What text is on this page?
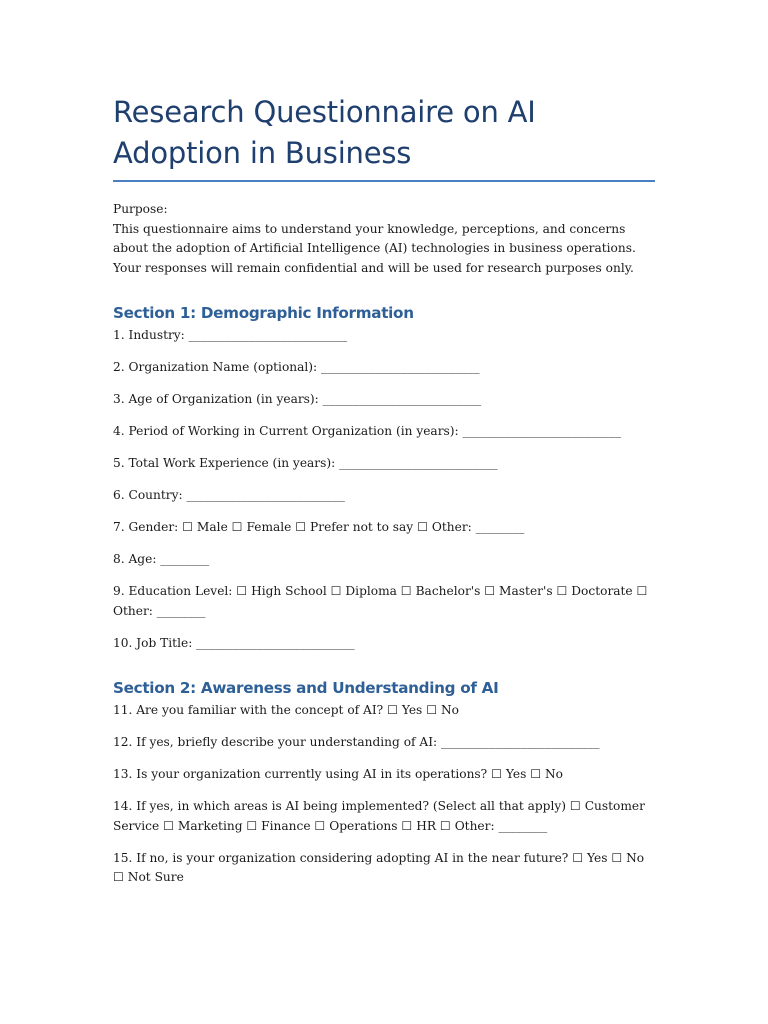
Research Questionnaire on AI Adoption in Business
Purpose:
This questionnaire aims to understand your knowledge, perceptions, and concerns about the adoption of Artificial Intelligence (AI) technologies in business operations. Your responses will remain confidential and will be used for research purposes only.
Section 1: Demographic Information

1. Industry: __________________________

2. Organization Name (optional): __________________________

3. Age of Organization (in years): __________________________

4. Period of Working in Current Organization (in years): __________________________

5. Total Work Experience (in years): __________________________

6. Country: __________________________

7. Gender: ☐ Male ☐ Female ☐ Prefer not to say ☐ Other: ________

8. Age: ________

9. Education Level: ☐ High School ☐ Diploma ☐ Bachelor's ☐ Master's ☐ Doctorate ☐ Other: ________

10. Job Title: __________________________

Section 2: Awareness and Understanding of AI

11. Are you familiar with the concept of AI? ☐ Yes ☐ No

12. If yes, briefly describe your understanding of AI: __________________________

13. Is your organization currently using AI in its operations? ☐ Yes ☐ No

14. If yes, in which areas is AI being implemented? (Select all that apply) ☐ Customer Service ☐ Marketing ☐ Finance ☐ Operations ☐ HR ☐ Other: ________

15. If no, is your organization considering adopting AI in the near future? ☐ Yes ☐ No ☐ Not Sure
